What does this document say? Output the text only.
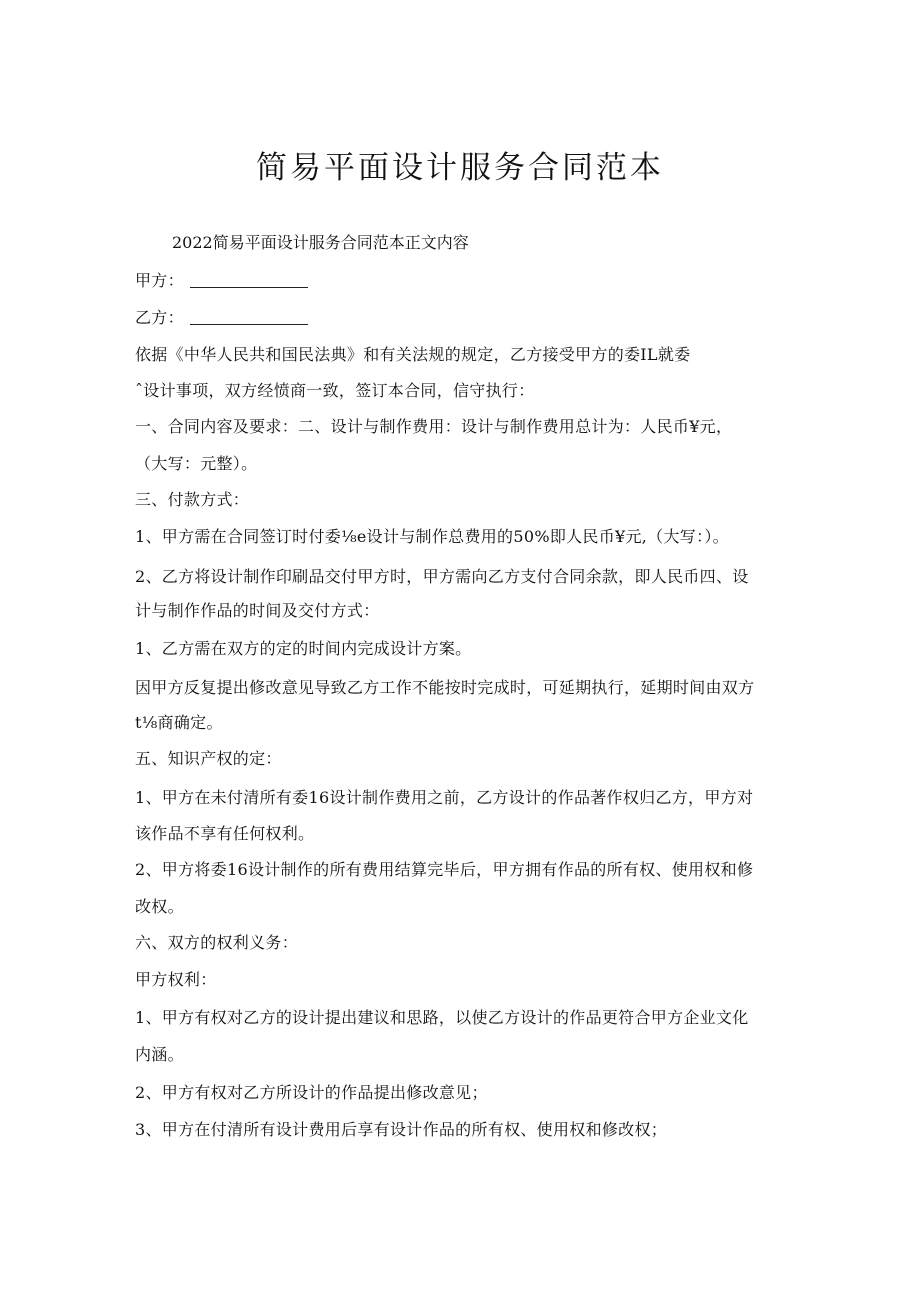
简易平面设计服务合同范本
2022简易平面设计服务合同范本正文内容
甲方：
乙方：
依据《中华人民共和国民法典》和有关法规的规定，乙方接受甲方的委IL就委
ˆ设计事项，双方经愤商一致，签订本合同，信守执行：
一、合同内容及要求：二、设计与制作费用：设计与制作费用总计为：人民币¥元，
（大写：元整）。
三、付款方式：
1、甲方需在合同签订时付委⅛e设计与制作总费用的50%即人民币¥元,（大写：）。
2、乙方将设计制作印刷品交付甲方时，甲方需向乙方支付合同余款，即人民币四、设
计与制作作品的时间及交付方式：
1、乙方需在双方的定的时间内完成设计方案。
因甲方反复提出修改意见导致乙方工作不能按时完成时，可延期执行，延期时间由双方
t⅛商确定。
五、知识产权的定：
1、甲方在未付清所有委16设计制作费用之前，乙方设计的作品著作权归乙方，甲方对
该作品不享有任何权利。
2、甲方将委16设计制作的所有费用结算完毕后，甲方拥有作品的所有权、使用权和修
改权。
六、双方的权利义务：
甲方权利：
1、甲方有权对乙方的设计提出建议和思路，以使乙方设计的作品更符合甲方企业文化
内涵。
2、甲方有权对乙方所设计的作品提出修改意见；
3、甲方在付清所有设计费用后享有设计作品的所有权、使用权和修改权；
